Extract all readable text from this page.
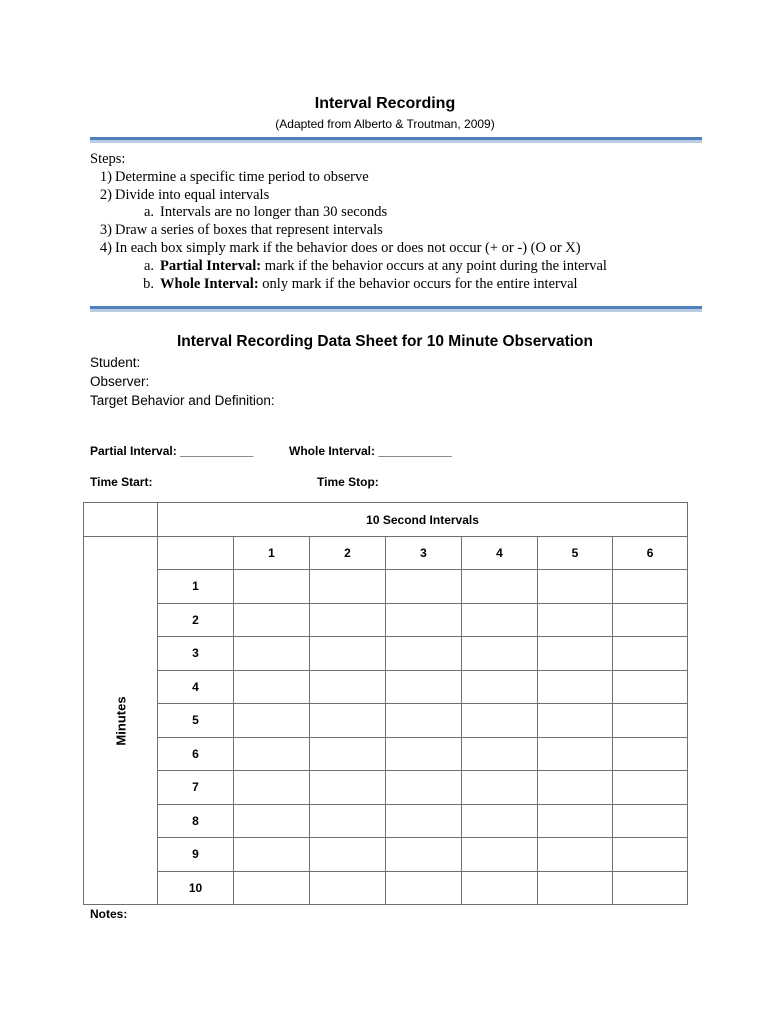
Interval Recording
(Adapted from Alberto & Troutman, 2009)
Steps:
1) Determine a specific time period to observe
2) Divide into equal intervals
a. Intervals are no longer than 30 seconds
3) Draw a series of boxes that represent intervals
4) In each box simply mark if the behavior does or does not occur (+ or -) (O or X)
a. Partial Interval: mark if the behavior occurs at any point during the interval
b. Whole Interval: only mark if the behavior occurs for the entire interval
Interval Recording Data Sheet for 10 Minute Observation
Student:
Observer:
Target Behavior and Definition:
Partial Interval: ___________	Whole Interval: ___________
Time Start:	Time Stop:
	10 Second Intervals						

Minutes		1	2	3	4	5	6
	1						
	2						
	3						
	4						
	5						
	6						
	7						
	8						
	9						
	10						
Notes:
